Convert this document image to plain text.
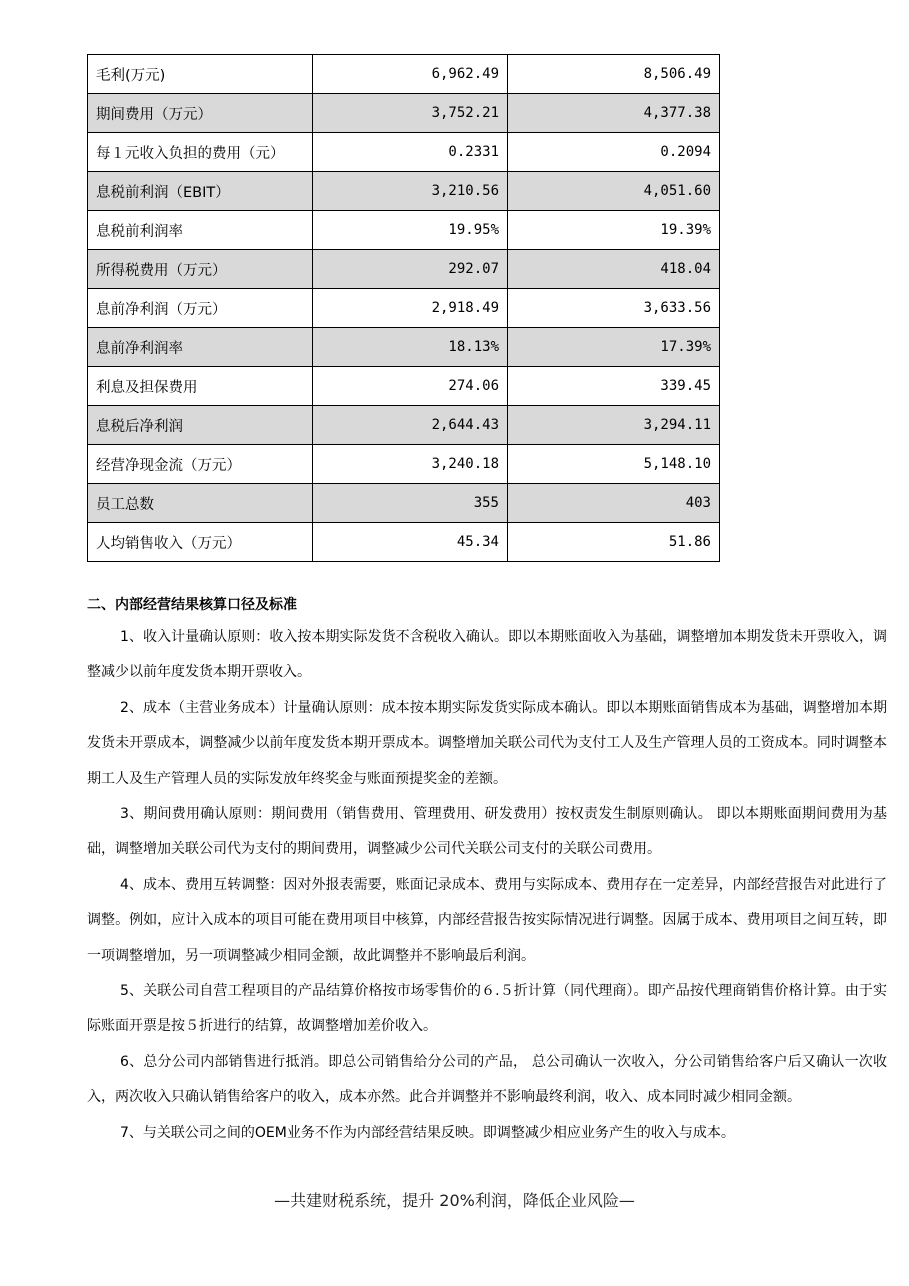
毛利(万元)	6,962.49	8,506.49
期间费用（万元）	3,752.21	4,377.38
每１元收入负担的费用（元）	0.2331	0.2094
息税前利润（EBIT）	3,210.56	4,051.60
息税前利润率	19.95%	19.39%
所得税费用（万元）	292.07	418.04
息前净利润（万元）	2,918.49	3,633.56
息前净利润率	18.13%	17.39%
利息及担保费用	274.06	339.45
息税后净利润	2,644.43	3,294.11
经营净现金流（万元）	3,240.18	5,148.10
员工总数	355	403
人均销售收入（万元）	45.34	51.86
二、内部经营结果核算口径及标准

1、收入计量确认原则：收入按本期实际发货不含税收入确认。即以本期账面收入为基础，调整增加本期发货未开票收入，调整减少以前年度发货本期开票收入。

2、成本（主营业务成本）计量确认原则：成本按本期实际发货实际成本确认。即以本期账面销售成本为基础，调整增加本期发货未开票成本，调整减少以前年度发货本期开票成本。调整增加关联公司代为支付工人及生产管理人员的工资成本。同时调整本期工人及生产管理人员的实际发放年终奖金与账面预提奖金的差额。

3、期间费用确认原则：期间费用（销售费用、管理费用、研发费用）按权责发生制原则确认。 即以本期账面期间费用为基础，调整增加关联公司代为支付的期间费用，调整减少公司代关联公司支付的关联公司费用。

4、成本、费用互转调整：因对外报表需要，账面记录成本、费用与实际成本、费用存在一定差异，内部经营报告对此进行了调整。例如，应计入成本的项目可能在费用项目中核算，内部经营报告按实际情况进行调整。因属于成本、费用项目之间互转，即一项调整增加，另一项调整减少相同金额，故此调整并不影响最后利润。

5、关联公司自营工程项目的产品结算价格按市场零售价的６.５折计算（同代理商）。即产品按代理商销售价格计算。由于实际账面开票是按５折进行的结算，故调整增加差价收入。

6、总分公司内部销售进行抵消。即总公司销售给分公司的产品， 总公司确认一次收入，分公司销售给客户后又确认一次收入，两次收入只确认销售给客户的收入，成本亦然。此合并调整并不影响最终利润，收入、成本同时减少相同金额。

7、与关联公司之间的OEM业务不作为内部经营结果反映。即调整减少相应业务产生的收入与成本。

—共建财税系统，提升 20%利润，降低企业风险—
